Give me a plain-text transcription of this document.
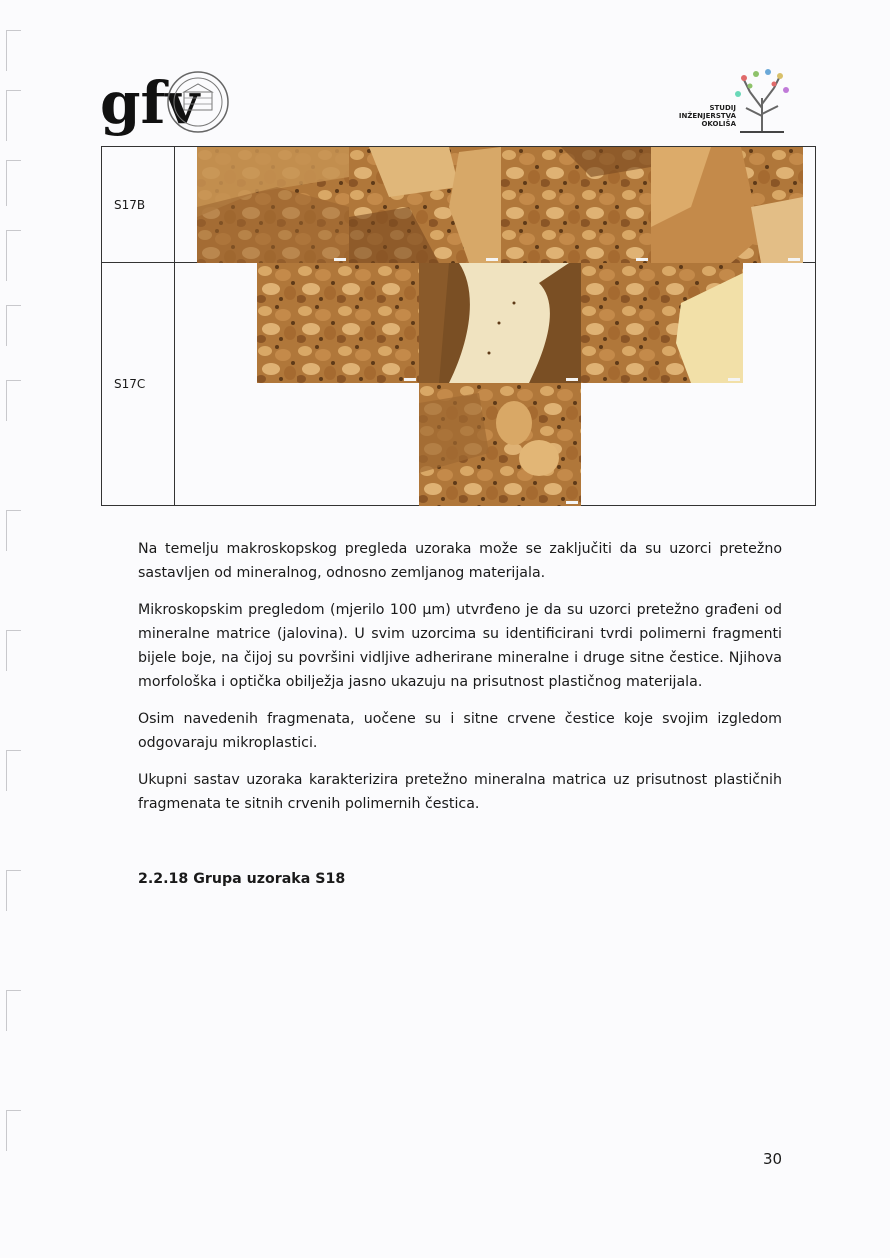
gfv	STUDIJ
INŽENJERSTVA
OKOLIŠA
S17B	

S17C	

Na temelju makroskopskog pregleda uzoraka može se zaključiti da su uzorci pretežno sastavljen od mineralnog, odnosno zemljanog materijala.

Mikroskopskim pregledom (mjerilo 100 µm) utvrđeno je da su uzorci pretežno građeni od mineralne matrice (jalovina). U svim uzorcima su identificirani tvrdi polimerni fragmenti bijele boje, na čijoj su površini vidljive adherirane mineralne i druge sitne čestice. Njihova morfološka i optička obilježja jasno ukazuju na prisutnost plastičnog materijala.

Osim navedenih fragmenata, uočene su i sitne crvene čestice koje svojim izgledom odgovaraju mikroplastici.

Ukupni sastav uzoraka karakterizira pretežno mineralna matrica uz prisutnost plastičnih fragmenata te sitnih crvenih polimernih čestica.

2.2.18 Grupa uzoraka S18
30
